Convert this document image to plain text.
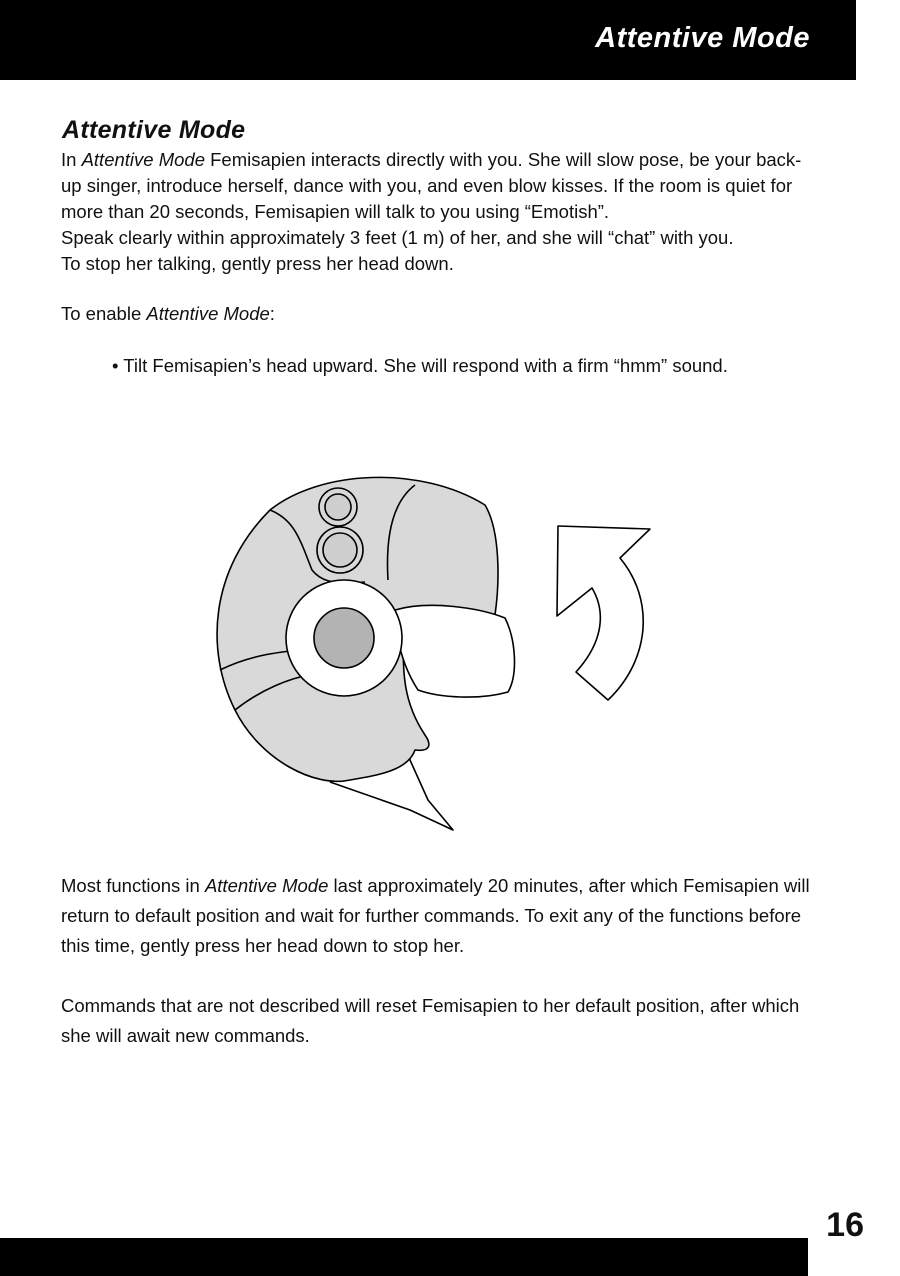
Attentive Mode
Attentive Mode

In Attentive Mode Femisapien interacts directly with you. She will slow pose, be your back-up singer, introduce herself, dance with you, and even blow kisses. If the room is quiet for more than 20 seconds, Femisapien will talk to you using “Emotish”.
Speak clearly within approximately 3 feet (1 m) of her, and she will “chat” with you.
To stop her talking, gently press her head down.

To enable Attentive Mode:

• Tilt Femisapien’s head upward. She will respond with a firm “hmm” sound.

Most functions in Attentive Mode last approximately 20 minutes, after which Femisapien will return to default position and wait for further commands. To exit any of the functions before this time, gently press her head down to stop her.

Commands that are not described will reset Femisapien to her default position, after which she will await new commands.

16
